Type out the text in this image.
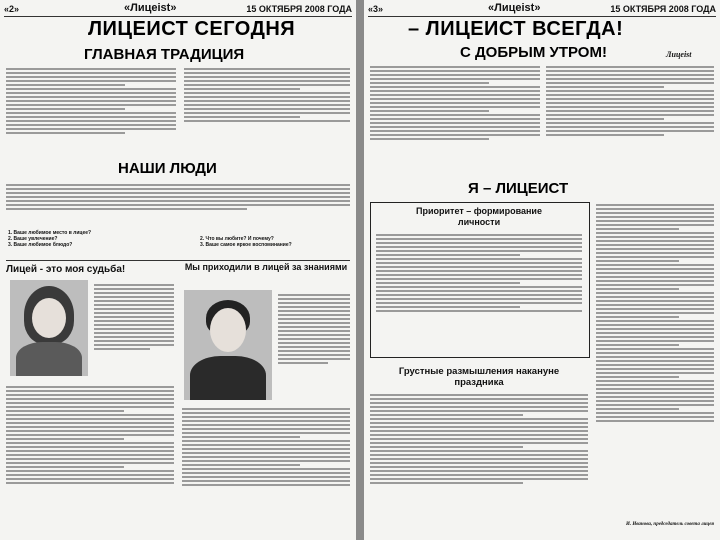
«2»	«Лицеist»	15 ОКТЯБРЯ 2008 ГОДА
ЛИЦЕИСТ СЕГОДНЯ
ГЛАВНАЯ ТРАДИЦИЯ
НАШИ ЛЮДИ
1. Ваше любимое место в лицее?
2. Ваше увлечение?
3. Ваше любимое блюдо?
2. Что вы любите? И почему?
3. Ваше самое яркое воспоминание?
Лицей - это моя судьба!	Мы приходили в лицей за знаниями
«3»	«Лицеist»	15 ОКТЯБРЯ 2008 ГОДА
– ЛИЦЕИСТ ВСЕГДА!
С ДОБРЫМ УТРОМ!	Лицеist
Я – ЛИЦЕИСТ
Приоритет – формирование личности
Грустные размышления накануне праздника
И. Иванова, председатель совета лицея
